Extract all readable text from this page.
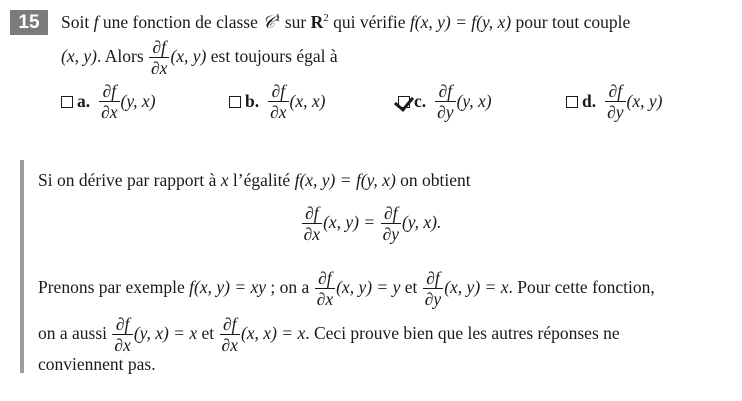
15	Soit f une fonction de classe 𝒞$^1$ sur $R^2$ qui vérifie f(x, y) = f(y, x) pour tout couple
(x, y). Alors $\frac{\partial f}{\partial x} (x$, y) est toujours égal à
a. $\frac{\partial f}{\partial x} (y$, x)	b. $\frac{\partial f}{\partial x} (x$, x)	c. $\frac{\partial f}{\partial y} (y$, x)	d. $\frac{\partial f}{\partial y} (x$, y)
Si on dérive par rapport à x l’égalité f(x, y) = f(y, x) on obtient
$\frac{\partial f}{\partial x} (x$, $y) = \frac{\partial f}{\partial y} (y$, x).
Prenons par exemple f(x, y) = xy ; on a $\frac{\partial f}{\partial x} (x$, y) = y et $\frac{\partial f}{\partial y} (x$, y) = x. Pour cette fonction,
on a aussi $\frac{\partial f}{\partial x} (y$, x) = x et $\frac{\partial f}{\partial x} (x$, x) = x. Ceci prouve bien que les autres réponses ne
conviennent pas.
